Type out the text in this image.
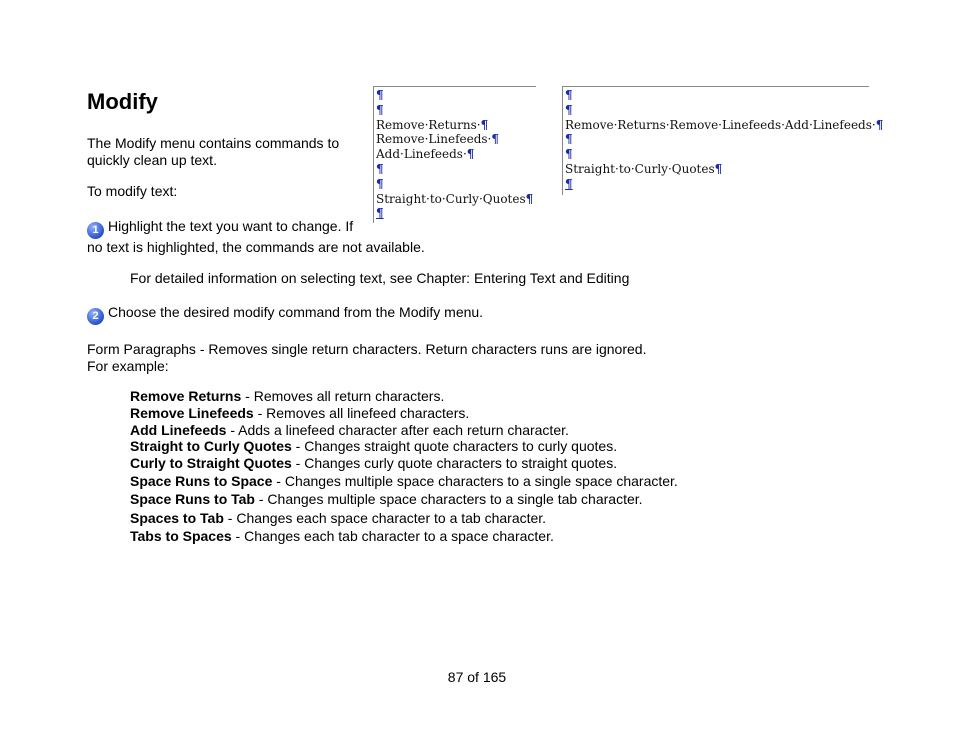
Modify
The Modify menu contains commands to
quickly clean up text.
To modify text:
¶
¶
Remove·Returns·¶
Remove·Linefeeds·¶
Add·Linefeeds·¶
¶
¶
Straight·to·Curly·Quotes¶
¶
¶
¶
Remove·Returns·Remove·Linefeeds·Add·Linefeeds·¶
¶
¶
Straight·to·Curly·Quotes¶
¶
1 Highlight the text you want to change. If
no text is highlighted, the commands are not available.
For detailed information on selecting text, see Chapter: Entering Text and Editing
2 Choose the desired modify command from the Modify menu.
Form Paragraphs - Removes single return characters. Return characters runs are ignored.
For example:
Remove Returns - Removes all return characters.
Remove Linefeeds - Removes all linefeed characters.
Add Linefeeds - Adds a linefeed character after each return character.
Straight to Curly Quotes - Changes straight quote characters to curly quotes.
Curly to Straight Quotes - Changes curly quote characters to straight quotes.
Space Runs to Space - Changes multiple space characters to a single space character.
Space Runs to Tab - Changes multiple space characters to a single tab character.
Spaces to Tab - Changes each space character to a tab character.
Tabs to Spaces - Changes each tab character to a space character.
87 of 165
